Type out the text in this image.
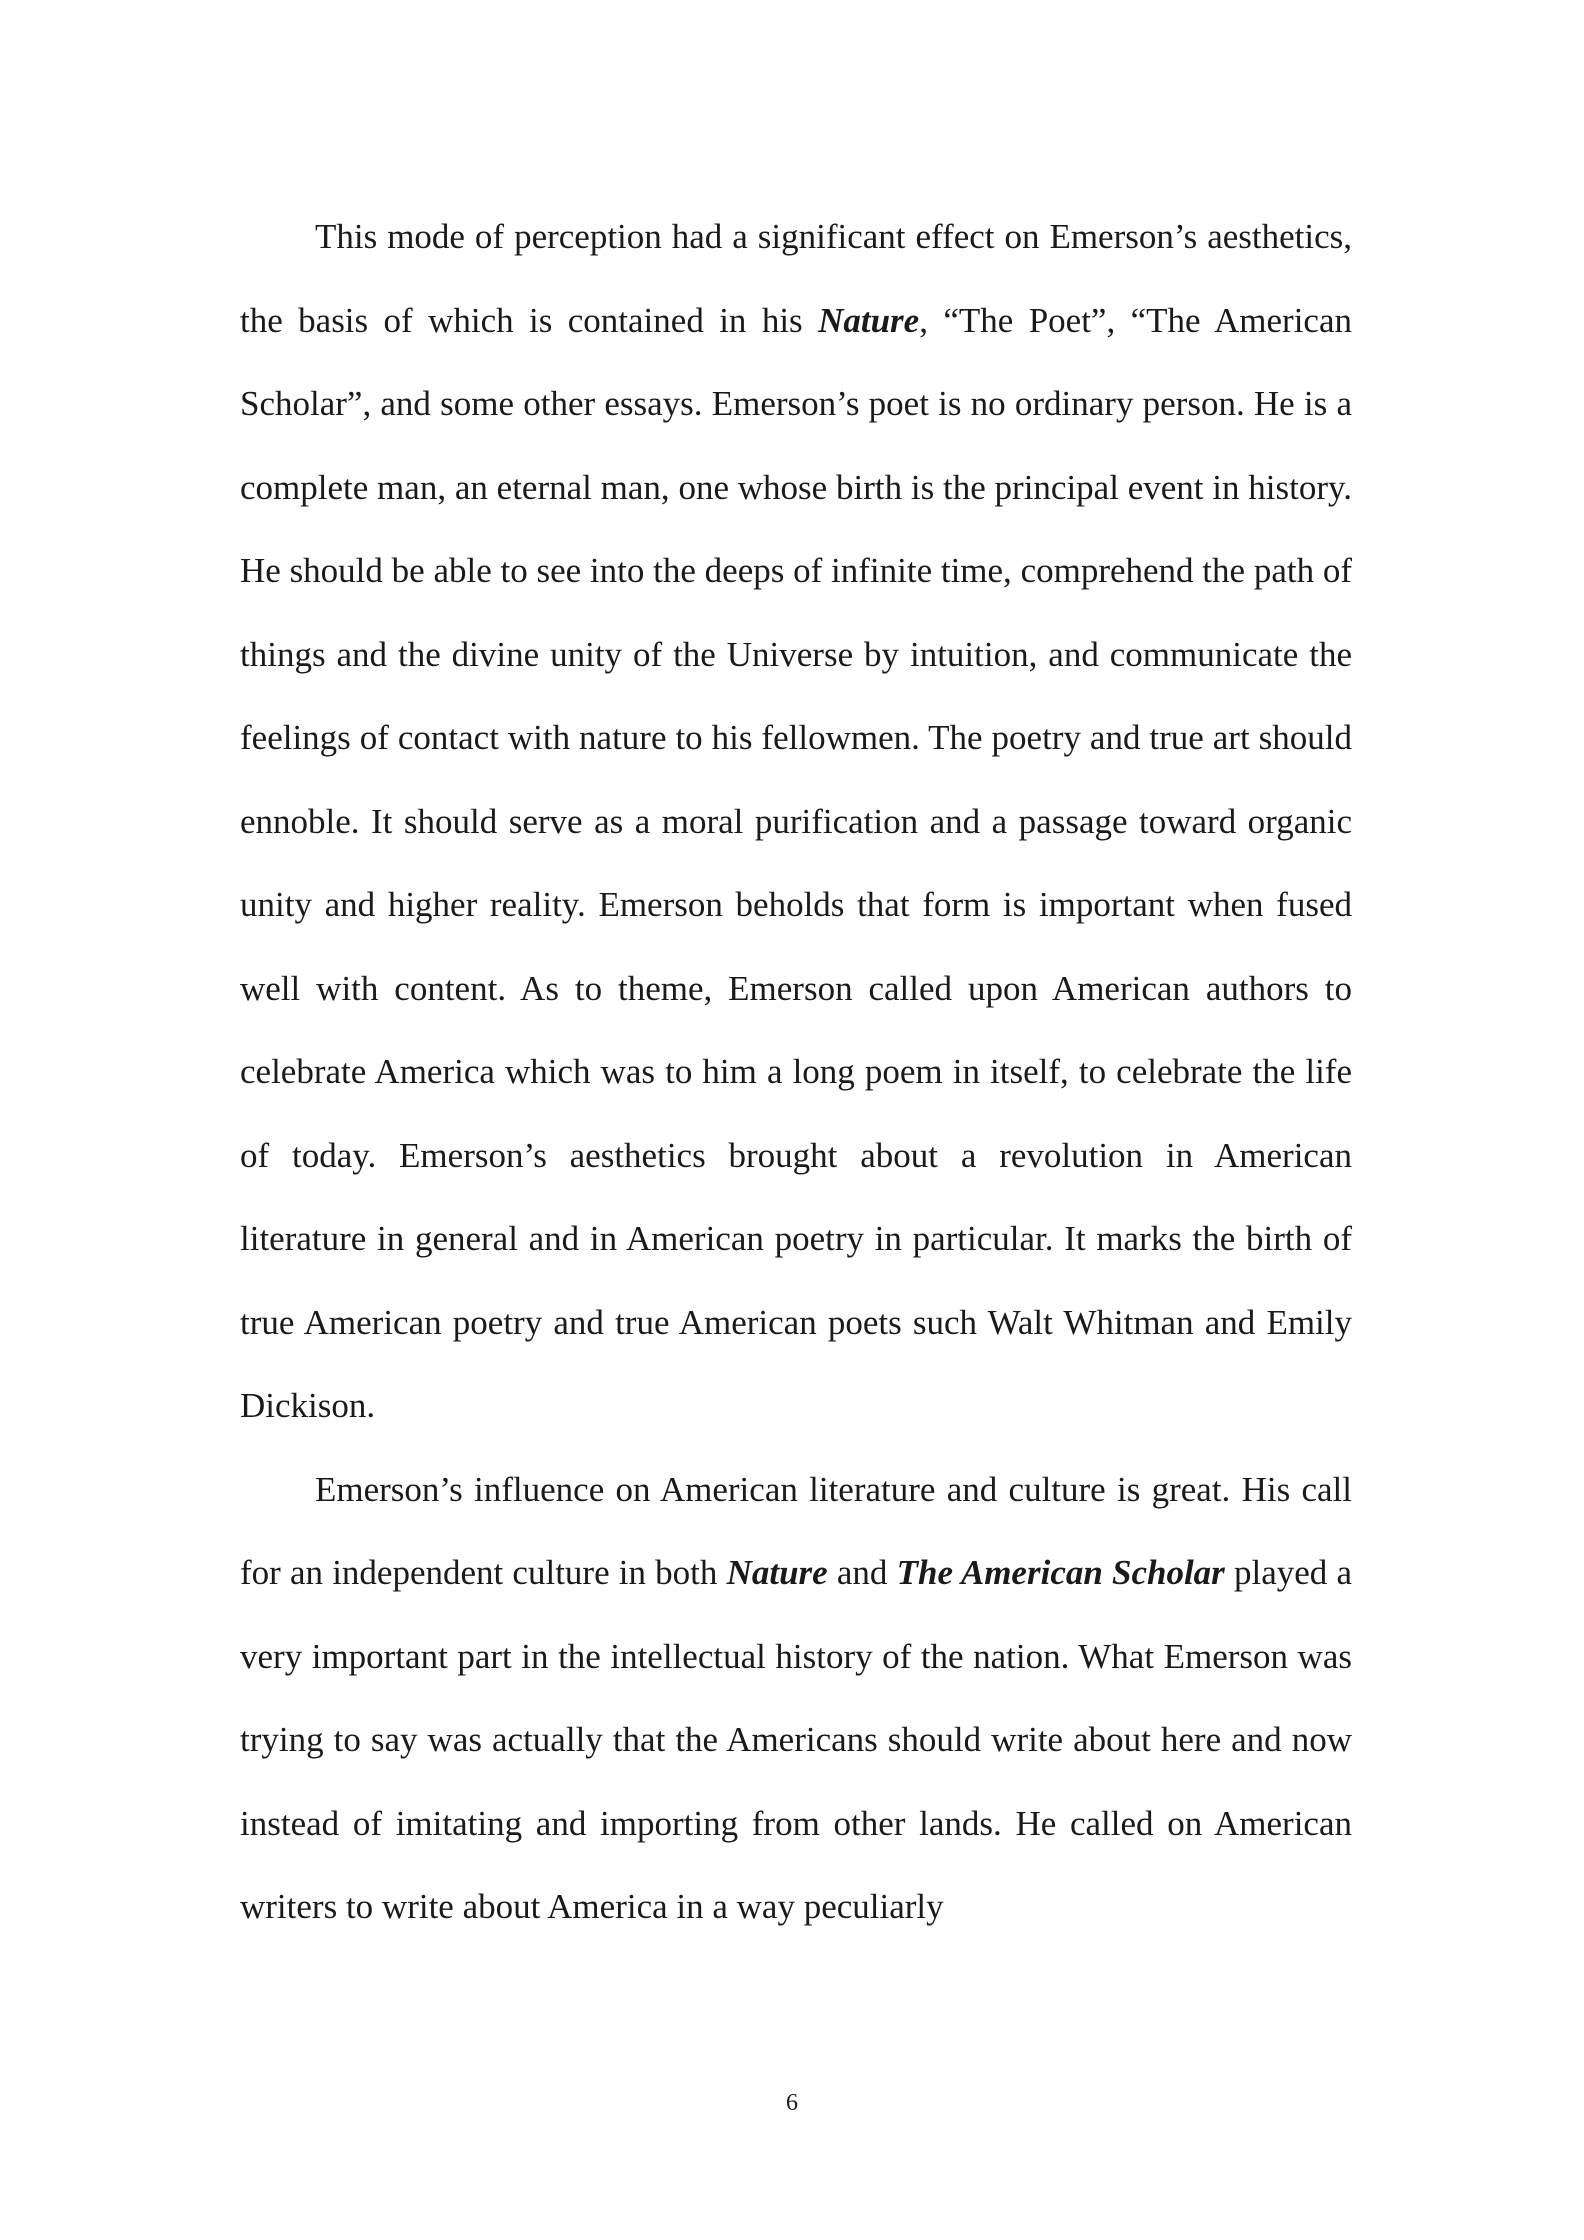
This mode of perception had a significant effect on Emerson’s aesthetics, the basis of which is contained in his Nature, “The Poet”, “The American Scholar”, and some other essays. Emerson’s poet is no ordinary person. He is a complete man, an eternal man, one whose birth is the principal event in history. He should be able to see into the deeps of infinite time, comprehend the path of things and the divine unity of the Universe by intuition, and communicate the feelings of contact with nature to his fellowmen. The poetry and true art should ennoble. It should serve as a moral purification and a passage toward organic unity and higher reality. Emerson beholds that form is important when fused well with content. As to theme, Emerson called upon American authors to celebrate America which was to him a long poem in itself, to celebrate the life of today. Emerson’s aesthetics brought about a revolution in American literature in general and in American poetry in particular. It marks the birth of true American poetry and true American poets such Walt Whitman and Emily Dickison.

Emerson’s influence on American literature and culture is great. His call for an independent culture in both Nature and The American Scholar played a very important part in the intellectual history of the nation. What Emerson was trying to say was actually that the Americans should write about here and now instead of imitating and importing from other lands. He called on American writers to write about America in a way peculiarly

6
